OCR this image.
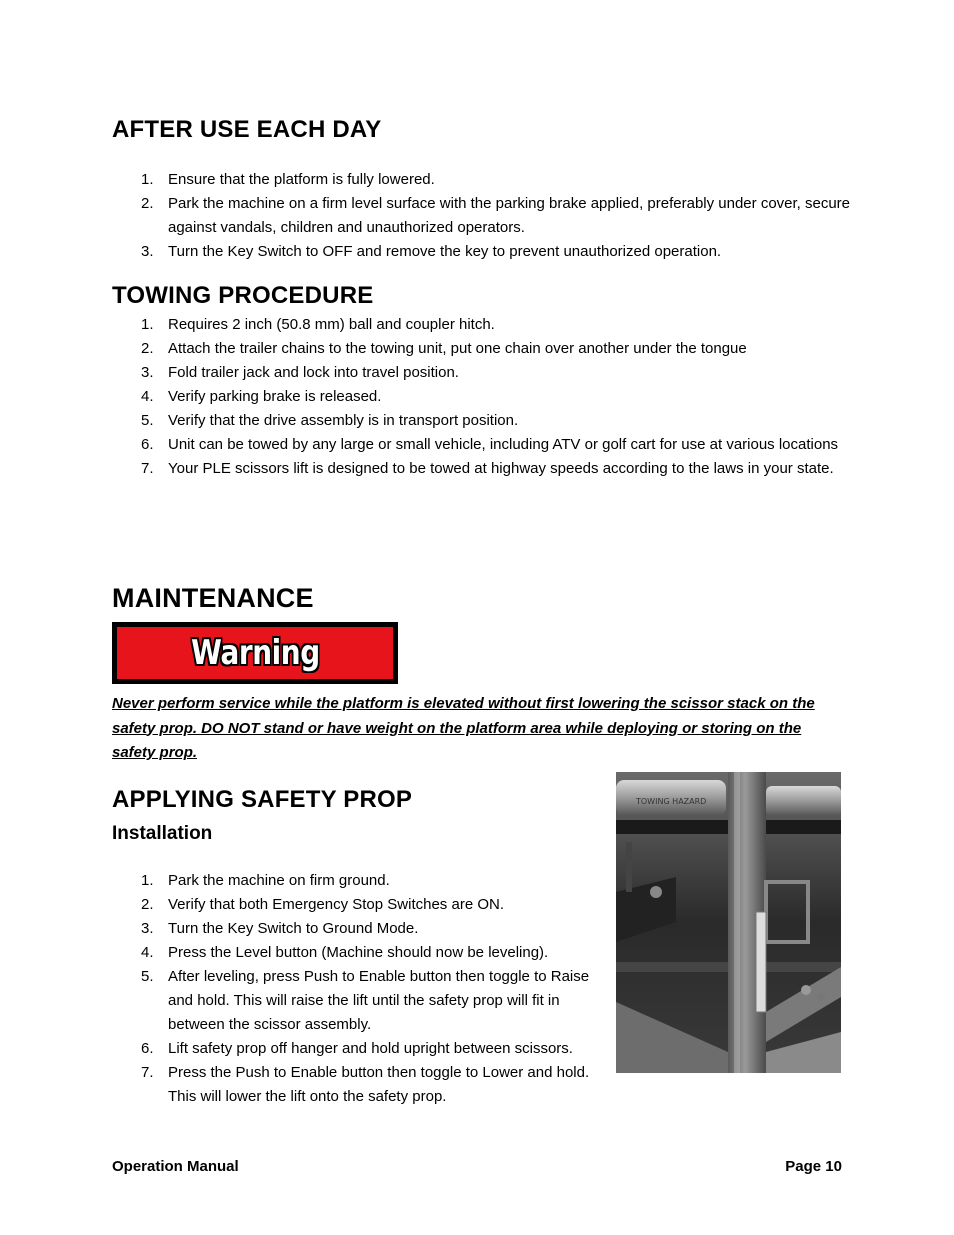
AFTER USE EACH DAY
1. Ensure that the platform is fully lowered.
2. Park the machine on a firm level surface with the parking brake applied, preferably under cover, secure against vandals, children and unauthorized operators.
3. Turn the Key Switch to OFF and remove the key to prevent unauthorized operation.
TOWING PROCEDURE
1. Requires 2 inch (50.8 mm) ball and coupler hitch.
2. Attach the trailer chains to the towing unit, put one chain over another under the tongue
3. Fold trailer jack and lock into travel position.
4. Verify parking brake is released.
5. Verify that the drive assembly is in transport position.
6. Unit can be towed by any large or small vehicle, including ATV or golf cart for use at various locations
7. Your PLE scissors lift is designed to be towed at highway speeds according to the laws in your state.
MAINTENANCE
Warning

Never perform service while the platform is elevated without first lowering the scissor stack on the safety prop. DO NOT stand or have weight on the platform area while deploying or storing on the safety prop.

APPLYING SAFETY PROP
Installation
1. Park the machine on firm ground.
2. Verify that both Emergency Stop Switches are ON.
3. Turn the Key Switch to Ground Mode.
4. Press the Level button (Machine should now be leveling).
5. After leveling, press Push to Enable button then toggle to Raise and hold. This will raise the lift until the safety prop will fit in between the scissor assembly.
6. Lift safety prop off hanger and hold upright between scissors.
7. Press the Push to Enable button then toggle to Lower and hold. This will lower the lift onto the safety prop.
TOWING HAZARD
Operation Manual	Page 10
